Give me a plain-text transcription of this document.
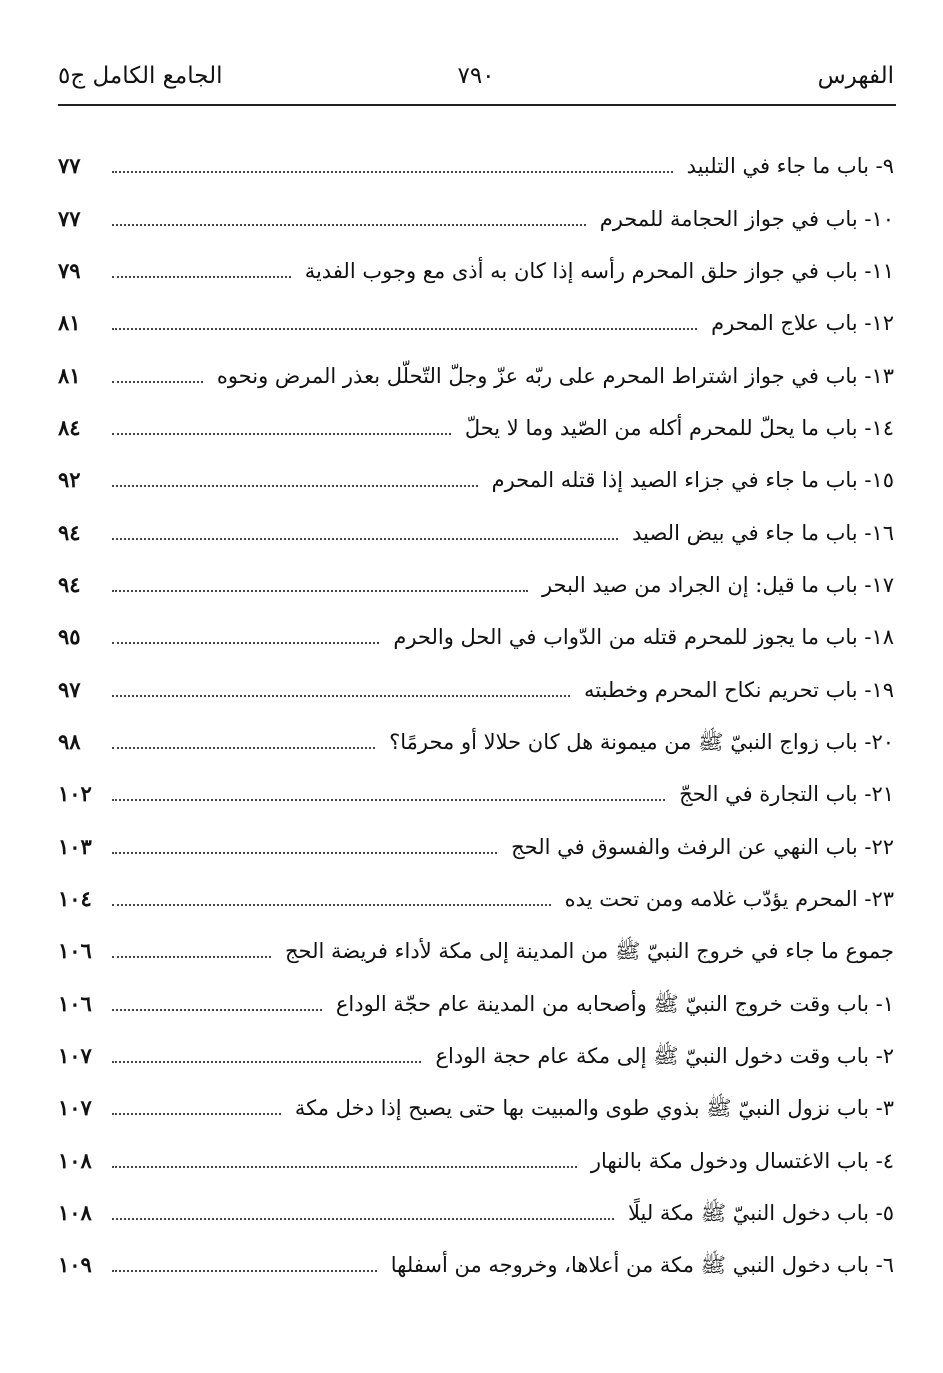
الفهرس
٧٩٠
الجامع الكامل ج٥
٩- باب ما جاء في التلبيد
٧٧
١٠- باب في جواز الحجامة للمحرم
٧٧
١١- باب في جواز حلق المحرم رأسه إذا كان به أذى مع وجوب الفدية
٧٩
١٢- باب علاج المحرم
٨١
١٣- باب في جواز اشتراط المحرم على ربّه عزّ وجلّ التّحلّل بعذر المرض ونحوه
٨١
١٤- باب ما يحلّ للمحرم أكله من الصّيد وما لا يحلّ
٨٤
١٥- باب ما جاء في جزاء الصيد إذا قتله المحرم
٩٢
١٦- باب ما جاء في بيض الصيد
٩٤
١٧- باب ما قيل: إن الجراد من صيد البحر
٩٤
١٨- باب ما يجوز للمحرم قتله من الدّواب في الحل والحرم
٩٥
١٩- باب تحريم نكاح المحرم وخطبته
٩٧
٢٠- باب زواج النبيّ ﷺ من ميمونة هل كان حلالا أو محرمًا؟
٩٨
٢١- باب التجارة في الحجّ
١٠٢
٢٢- باب النهي عن الرفث والفسوق في الحج
١٠٣
٢٣- المحرم يؤدّب غلامه ومن تحت يده
١٠٤
جموع ما جاء في خروج النبيّ ﷺ من المدينة إلى مكة لأداء فريضة الحج
١٠٦
١- باب وقت خروج النبيّ ﷺ وأصحابه من المدينة عام حجّة الوداع
١٠٦
٢- باب وقت دخول النبيّ ﷺ إلى مكة عام حجة الوداع
١٠٧
٣- باب نزول النبيّ ﷺ بذوي طوى والمبيت بها حتى يصبح إذا دخل مكة
١٠٧
٤- باب الاغتسال ودخول مكة بالنهار
١٠٨
٥- باب دخول النبيّ ﷺ مكة ليلًا
١٠٨
٦- باب دخول النبي ﷺ مكة من أعلاها، وخروجه من أسفلها
١٠٩
